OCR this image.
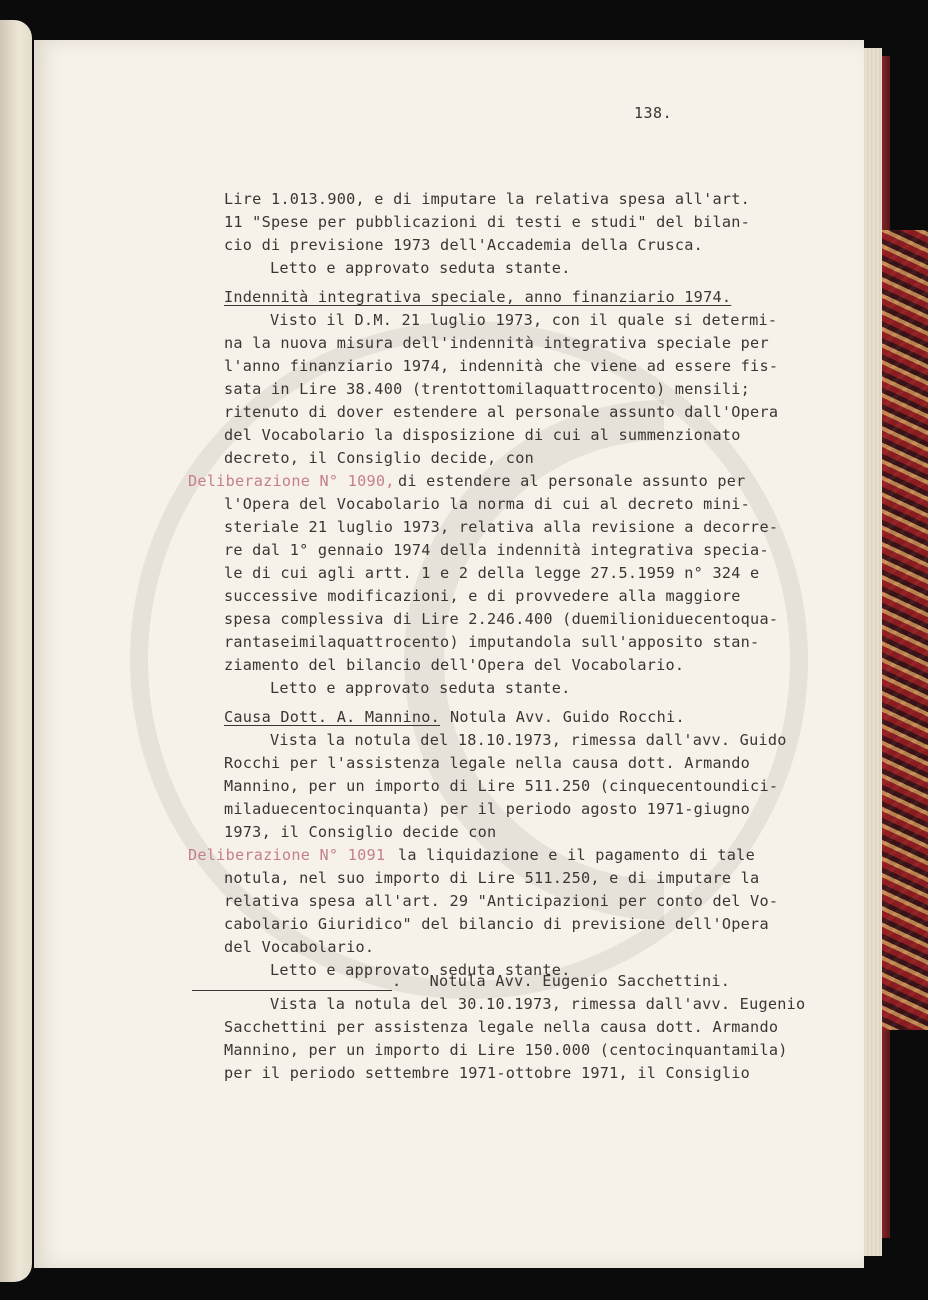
138.
Lire 1.013.900, e di imputare la relativa spesa all'art.
11 "Spese per pubblicazioni di testi e studi" del bilan-
cio di previsione 1973 dell'Accademia della Crusca.
Letto e approvato seduta stante.
Indennità integrativa speciale, anno finanziario 1974.
Visto il D.M. 21 luglio 1973, con il quale si determi-
na la nuova misura dell'indennità integrativa speciale per
l'anno finanziario 1974, indennità che viene ad essere fis-
sata in Lire 38.400 (trentottomilaquattrocento) mensili;
ritenuto di dover estendere al personale assunto dall'Opera
del Vocabolario la disposizione di cui al summenzionato
decreto, il Consiglio decide, con
Deliberazione N° 1090, di estendere al personale assunto per
l'Opera del Vocabolario la norma di cui al decreto mini-
steriale 21 luglio 1973, relativa alla revisione a decorre-
re dal 1° gennaio 1974 della indennità integrativa specia-
le di cui agli artt. 1 e 2 della legge 27.5.1959 n° 324 e
successive modificazioni, e di provvedere alla maggiore
spesa complessiva di Lire 2.246.400 (duemilioniduecentoqua-
rantaseimilaquattrocento) imputandola sull'apposito stan-
ziamento del bilancio dell'Opera del Vocabolario.
Letto e approvato seduta stante.
Causa Dott. A. Mannino. Notula Avv. Guido Rocchi.
Vista la notula del 18.10.1973, rimessa dall'avv. Guido
Rocchi per l'assistenza legale nella causa dott. Armando
Mannino, per un importo di Lire 511.250 (cinquecentoundici-
miladuecentocinquanta) per il periodo agosto 1971-giugno
1973, il Consiglio decide con
Deliberazione N° 1091 la liquidazione e il pagamento di tale
notula, nel suo importo di Lire 511.250, e di imputare la
relativa spesa all'art. 29 "Anticipazioni per conto del Vo-
cabolario Giuridico" del bilancio di previsione dell'Opera
del Vocabolario.
Letto e approvato seduta stante.
.   Notula Avv. Eugenio Sacchettini.
Vista la notula del 30.10.1973, rimessa dall'avv. Eugenio
Sacchettini per assistenza legale nella causa dott. Armando
Mannino, per un importo di Lire 150.000 (centocinquantamila)
per il periodo settembre 1971-ottobre 1971, il Consiglio
